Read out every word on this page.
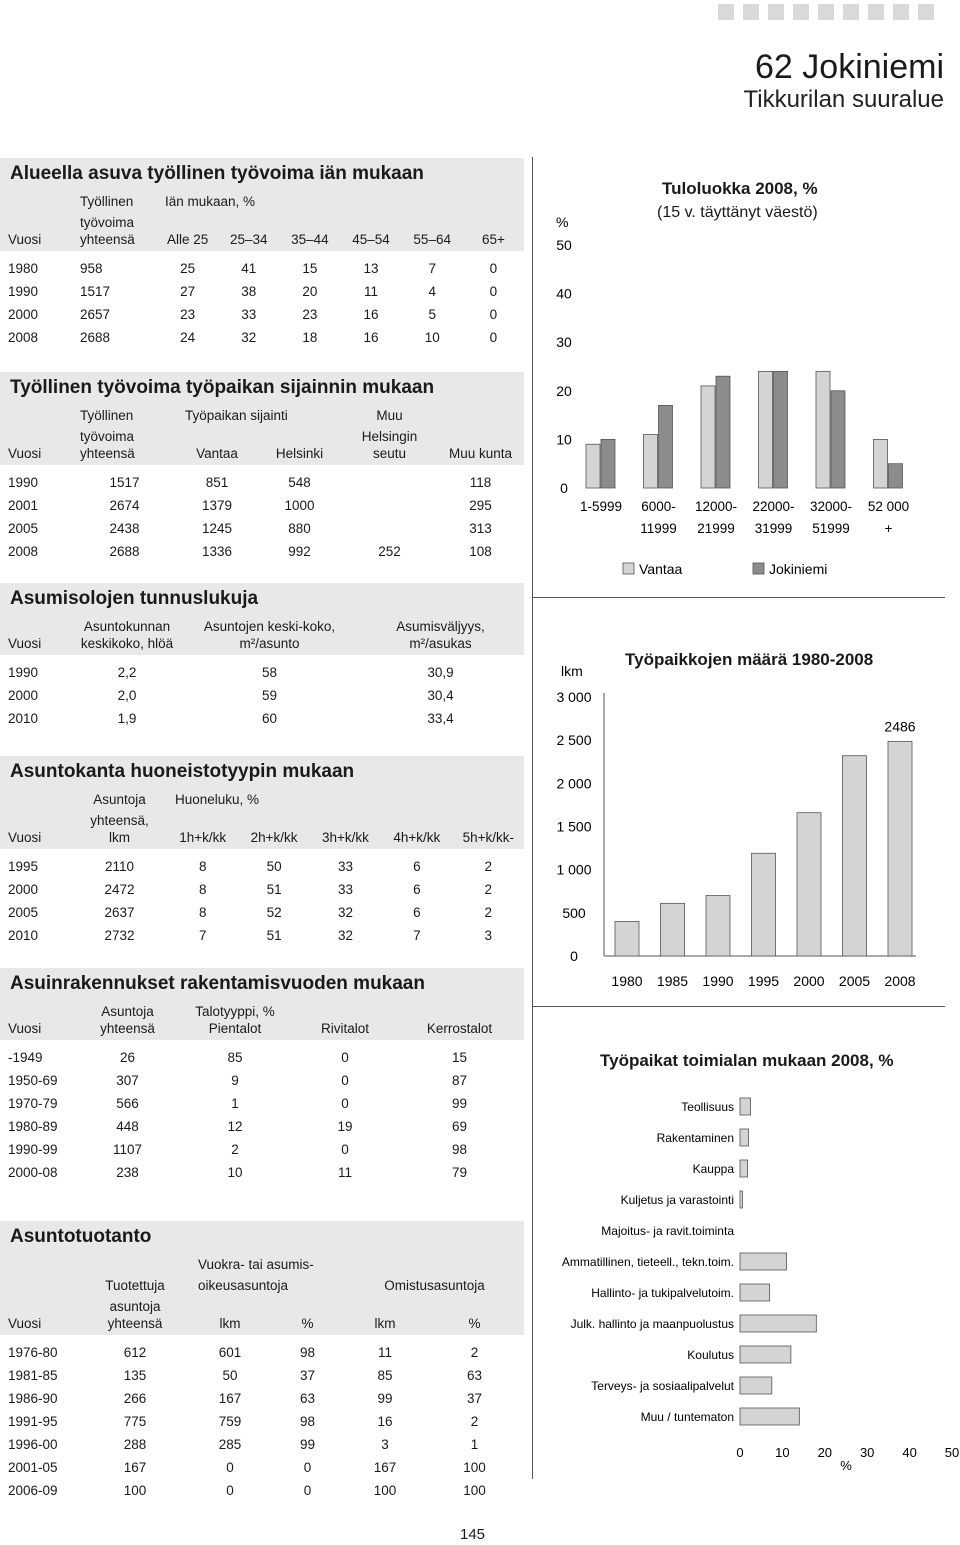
62 Jokiniemi
Tikkurilan suuralue
Alueella asuva työllinen työvoima iän mukaan
	Työllinen	Iän mukaan, %					
	työvoima						
Vuosi	yhteensä	Alle 25	25–34	35–44	45–54	55–64	65+
1980	958	25	41	15	13	7	0
1990	1517	27	38	20	11	4	0
2000	2657	23	33	23	16	5	0
2008	2688	24	32	18	16	10	0
Työllinen työvoima työpaikan sijainnin mukaan
	Työllinen	Työpaikan sijainti		Muu	
	työvoima			Helsingin	
Vuosi	yhteensä	Vantaa	Helsinki	seutu	Muu kunta
1990	1517	851	548		118
2001	2674	1379	1000		295
2005	2438	1245	880		313
2008	2688	1336	992	252	108
Asumisolojen tunnuslukuja
	Asuntokunnan	Asuntojen keski-koko,	Asumisväljyys,
Vuosi	keskikoko, hlöä	m²/asunto	m²/asukas
1990	2,2	58	30,9
2000	2,0	59	30,4
2010	1,9	60	33,4
Asuntokanta huoneistotyypin mukaan
	Asuntoja	Huoneluku, %				
	yhteensä,					
Vuosi	lkm	1h+k/kk	2h+k/kk	3h+k/kk	4h+k/kk	5h+k/kk-
1995	2110	8	50	33	6	2
2000	2472	8	51	33	6	2
2005	2637	8	52	32	6	2
2010	2732	7	51	32	7	3
Asuinrakennukset rakentamisvuoden mukaan
	Asuntoja	Talotyyppi, %		
Vuosi	yhteensä	Pientalot	Rivitalot	Kerrostalot
-1949	26	85	0	15
1950-69	307	9	0	87
1970-79	566	1	0	99
1980-89	448	12	19	69
1990-99	1107	2	0	98
2000-08	238	10	11	79
Asuntotuotanto
		Vuokra- tai asumis-			
	Tuotettuja	oikeusasuntoja		Omistusasuntoja	
	asuntoja				
Vuosi	yhteensä	lkm	%	lkm	%
1976-80	612	601	98	11	2
1981-85	135	50	37	85	63
1986-90	266	167	63	99	37
1991-95	775	759	98	16	2
1996-00	288	285	99	3	1
2001-05	167	0	0	167	100
2006-09	100	0	0	100	100
Tuloluokka 2008, %
(15 v. täyttänyt väestö)
%
0
10
20
30
40
50
1-5999 6000-
11999
12000-
21999
22000-
31999
32000-
51999
52 000
+
Vantaa	Jokiniemi
Työpaikkojen määrä 1980-2008
lkm
0
500
1 000
1 500
2 000
2 500
3 000
1980 1985 1990 1995 2000 2005 2008
2486
Työpaikat toimialan mukaan 2008, %
Teollisuus
Rakentaminen
Kauppa
Kuljetus ja varastointi
Majoitus- ja ravit.toiminta
Ammatillinen, tieteell., tekn.toim.
Hallinto- ja tukipalvelutoim.
Julk. hallinto ja maanpuolustus
Koulutus
Terveys- ja sosiaalipalvelut
Muu / tuntematon
0 10 20 30 40 50
%
145
